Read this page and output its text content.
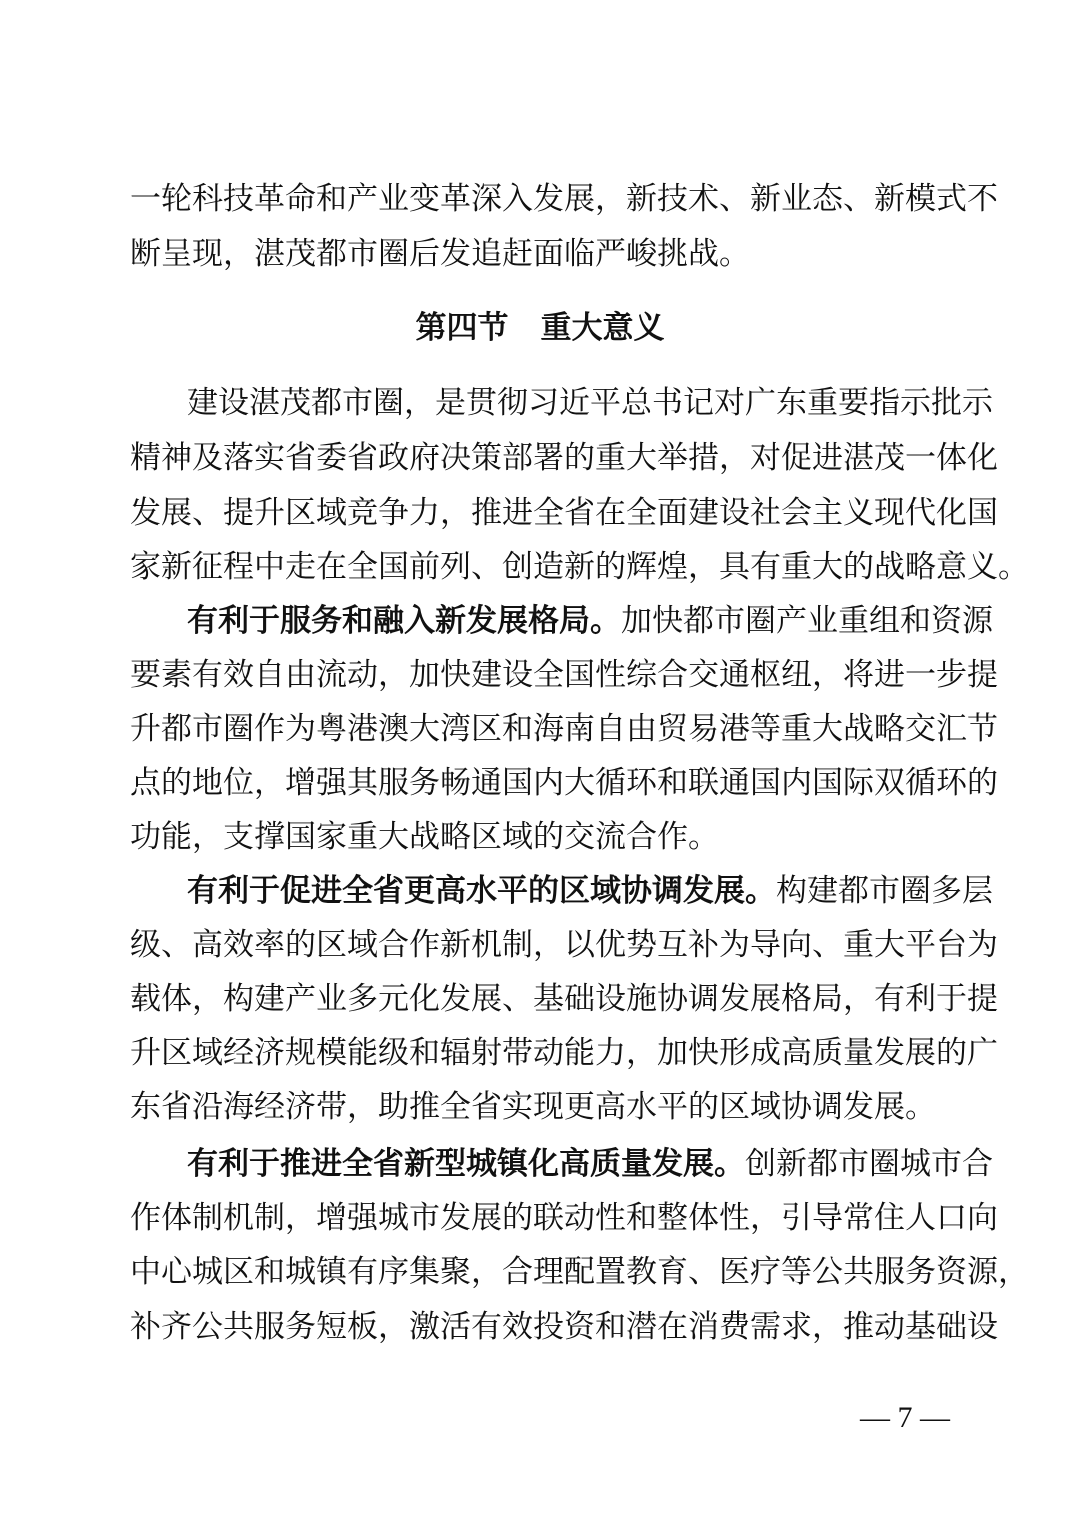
一轮科技革命和产业变革深入发展，新技术、新业态、新模式不
断呈现，湛茂都市圈后发追赶面临严峻挑战。
第四节 重大意义
建设湛茂都市圈，是贯彻习近平总书记对广东重要指示批示
精神及落实省委省政府决策部署的重大举措，对促进湛茂一体化
发展、提升区域竞争力，推进全省在全面建设社会主义现代化国
家新征程中走在全国前列、创造新的辉煌，具有重大的战略意义。
有利于服务和融入新发展格局。加快都市圈产业重组和资源
要素有效自由流动，加快建设全国性综合交通枢纽，将进一步提
升都市圈作为粤港澳大湾区和海南自由贸易港等重大战略交汇节
点的地位，增强其服务畅通国内大循环和联通国内国际双循环的
功能，支撑国家重大战略区域的交流合作。
有利于促进全省更高水平的区域协调发展。构建都市圈多层
级、高效率的区域合作新机制，以优势互补为导向、重大平台为
载体，构建产业多元化发展、基础设施协调发展格局，有利于提
升区域经济规模能级和辐射带动能力，加快形成高质量发展的广
东省沿海经济带，助推全省实现更高水平的区域协调发展。
有利于推进全省新型城镇化高质量发展。创新都市圈城市合
作体制机制，增强城市发展的联动性和整体性，引导常住人口向
中心城区和城镇有序集聚，合理配置教育、医疗等公共服务资源，
补齐公共服务短板，激活有效投资和潜在消费需求，推动基础设
— 7 —
